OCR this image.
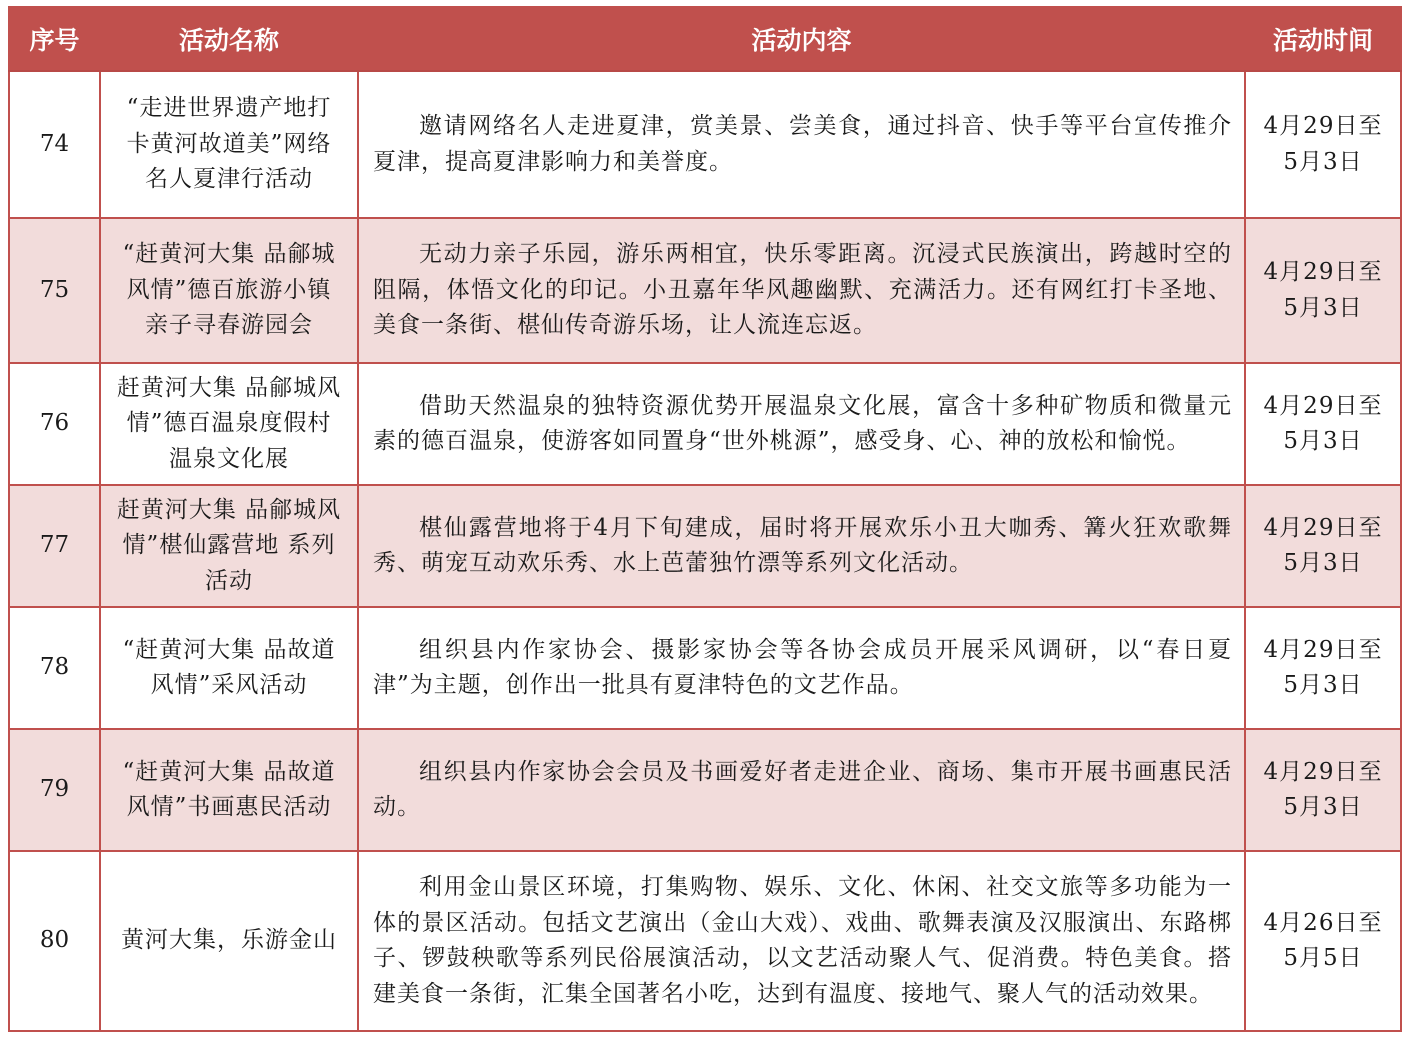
序号	活动名称	活动内容	活动时间
74	“走进世界遗产地打卡黄河故道美”网络名人夏津行活动	邀请网络名人走进夏津，赏美景、尝美食，通过抖音、快手等平台宣传推介夏津，提高夏津影响力和美誉度。	4月29日至
5月3日

75	“赶黄河大集 品鄃城风情”德百旅游小镇亲子寻春游园会	无动力亲子乐园，游乐两相宜，快乐零距离。沉浸式民族演出，跨越时空的阻隔，体悟文化的印记。小丑嘉年华风趣幽默、充满活力。还有网红打卡圣地、美食一条街、椹仙传奇游乐场，让人流连忘返。	4月29日至
5月3日

76	赶黄河大集 品鄃城风情”德百温泉度假村温泉文化展	借助天然温泉的独特资源优势开展温泉文化展，富含十多种矿物质和微量元素的德百温泉，使游客如同置身“世外桃源”，感受身、心、神的放松和愉悦。	4月29日至
5月3日

77	赶黄河大集 品鄃城风情”椹仙露营地 系列活动	椹仙露营地将于4月下旬建成，届时将开展欢乐小丑大咖秀、篝火狂欢歌舞秀、萌宠互动欢乐秀、水上芭蕾独竹漂等系列文化活动。	4月29日至
5月3日

78	“赶黄河大集 品故道风情”采风活动	组织县内作家协会、摄影家协会等各协会成员开展采风调研，以“春日夏津”为主题，创作出一批具有夏津特色的文艺作品。	4月29日至
5月3日

79	“赶黄河大集 品故道风情”书画惠民活动	组织县内作家协会会员及书画爱好者走进企业、商场、集市开展书画惠民活动。	4月29日至
5月3日

80	黄河大集，乐游金山	利用金山景区环境，打集购物、娱乐、文化、休闲、社交文旅等多功能为一体的景区活动。包括文艺演出（金山大戏）、戏曲、歌舞表演及汉服演出、东路梆子、锣鼓秧歌等系列民俗展演活动，以文艺活动聚人气、促消费。特色美食。搭建美食一条街，汇集全国著名小吃，达到有温度、接地气、聚人气的活动效果。	4月26日至
5月5日
